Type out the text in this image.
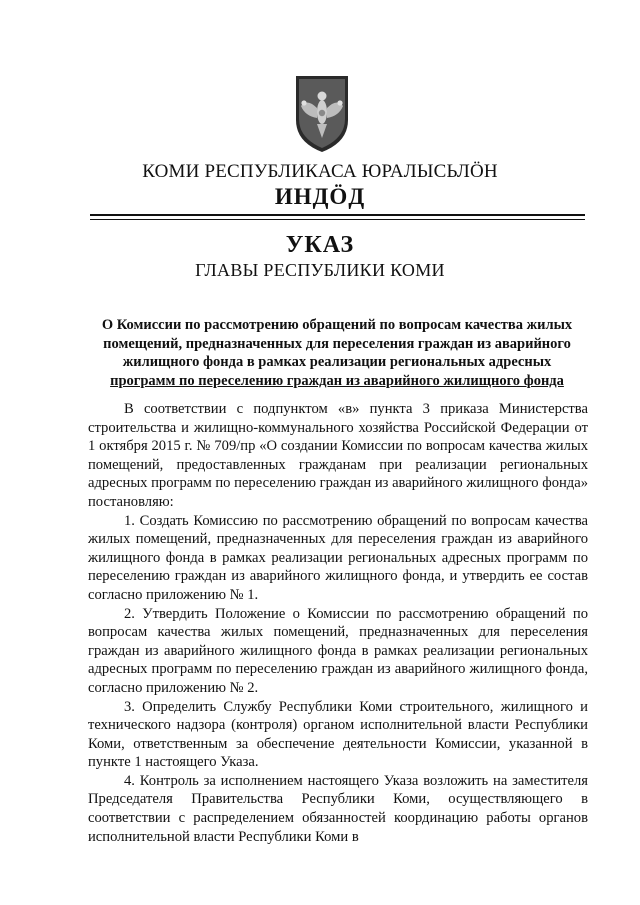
КОМИ РЕСПУБЛИКАСА ЮРАЛЫСЬЛӦН
ИНДӦД
УКАЗ
ГЛАВЫ РЕСПУБЛИКИ КОМИ
О Комиссии по рассмотрению обращений по вопросам качества жилых
помещений, предназначенных для переселения граждан из аварийного
жилищного фонда в рамках реализации региональных адресных
программ по переселению граждан из аварийного жилищного фонда

В соответствии с подпунктом «в» пункта 3 приказа Министерства строительства и жилищно-коммунального хозяйства Российской Федерации от 1 октября 2015 г. № 709/пр «О создании Комиссии по вопросам качества жилых помещений, предоставленных гражданам при реализации региональных адресных программ по переселению граждан из аварийного жилищного фонда» постановляю:

1. Создать Комиссию по рассмотрению обращений по вопросам качества жилых помещений, предназначенных для переселения граждан из аварийного жилищного фонда в рамках реализации региональных адресных программ по переселению граждан из аварийного жилищного фонда, и утвердить ее состав согласно приложению № 1.

2. Утвердить Положение о Комиссии по рассмотрению обращений по вопросам качества жилых помещений, предназначенных для переселения граждан из аварийного жилищного фонда в рамках реализации региональных адресных программ по переселению граждан из аварийного жилищного фонда, согласно приложению № 2.

3. Определить Службу Республики Коми строительного, жилищного и технического надзора (контроля) органом исполнительной власти Республики Коми, ответственным за обеспечение деятельности Комиссии, указанной в пункте 1 настоящего Указа.

4. Контроль за исполнением настоящего Указа возложить на заместителя Председателя Правительства Республики Коми, осуществляющего в соответствии с распределением обязанностей координацию работы органов исполнительной власти Республики Коми в
